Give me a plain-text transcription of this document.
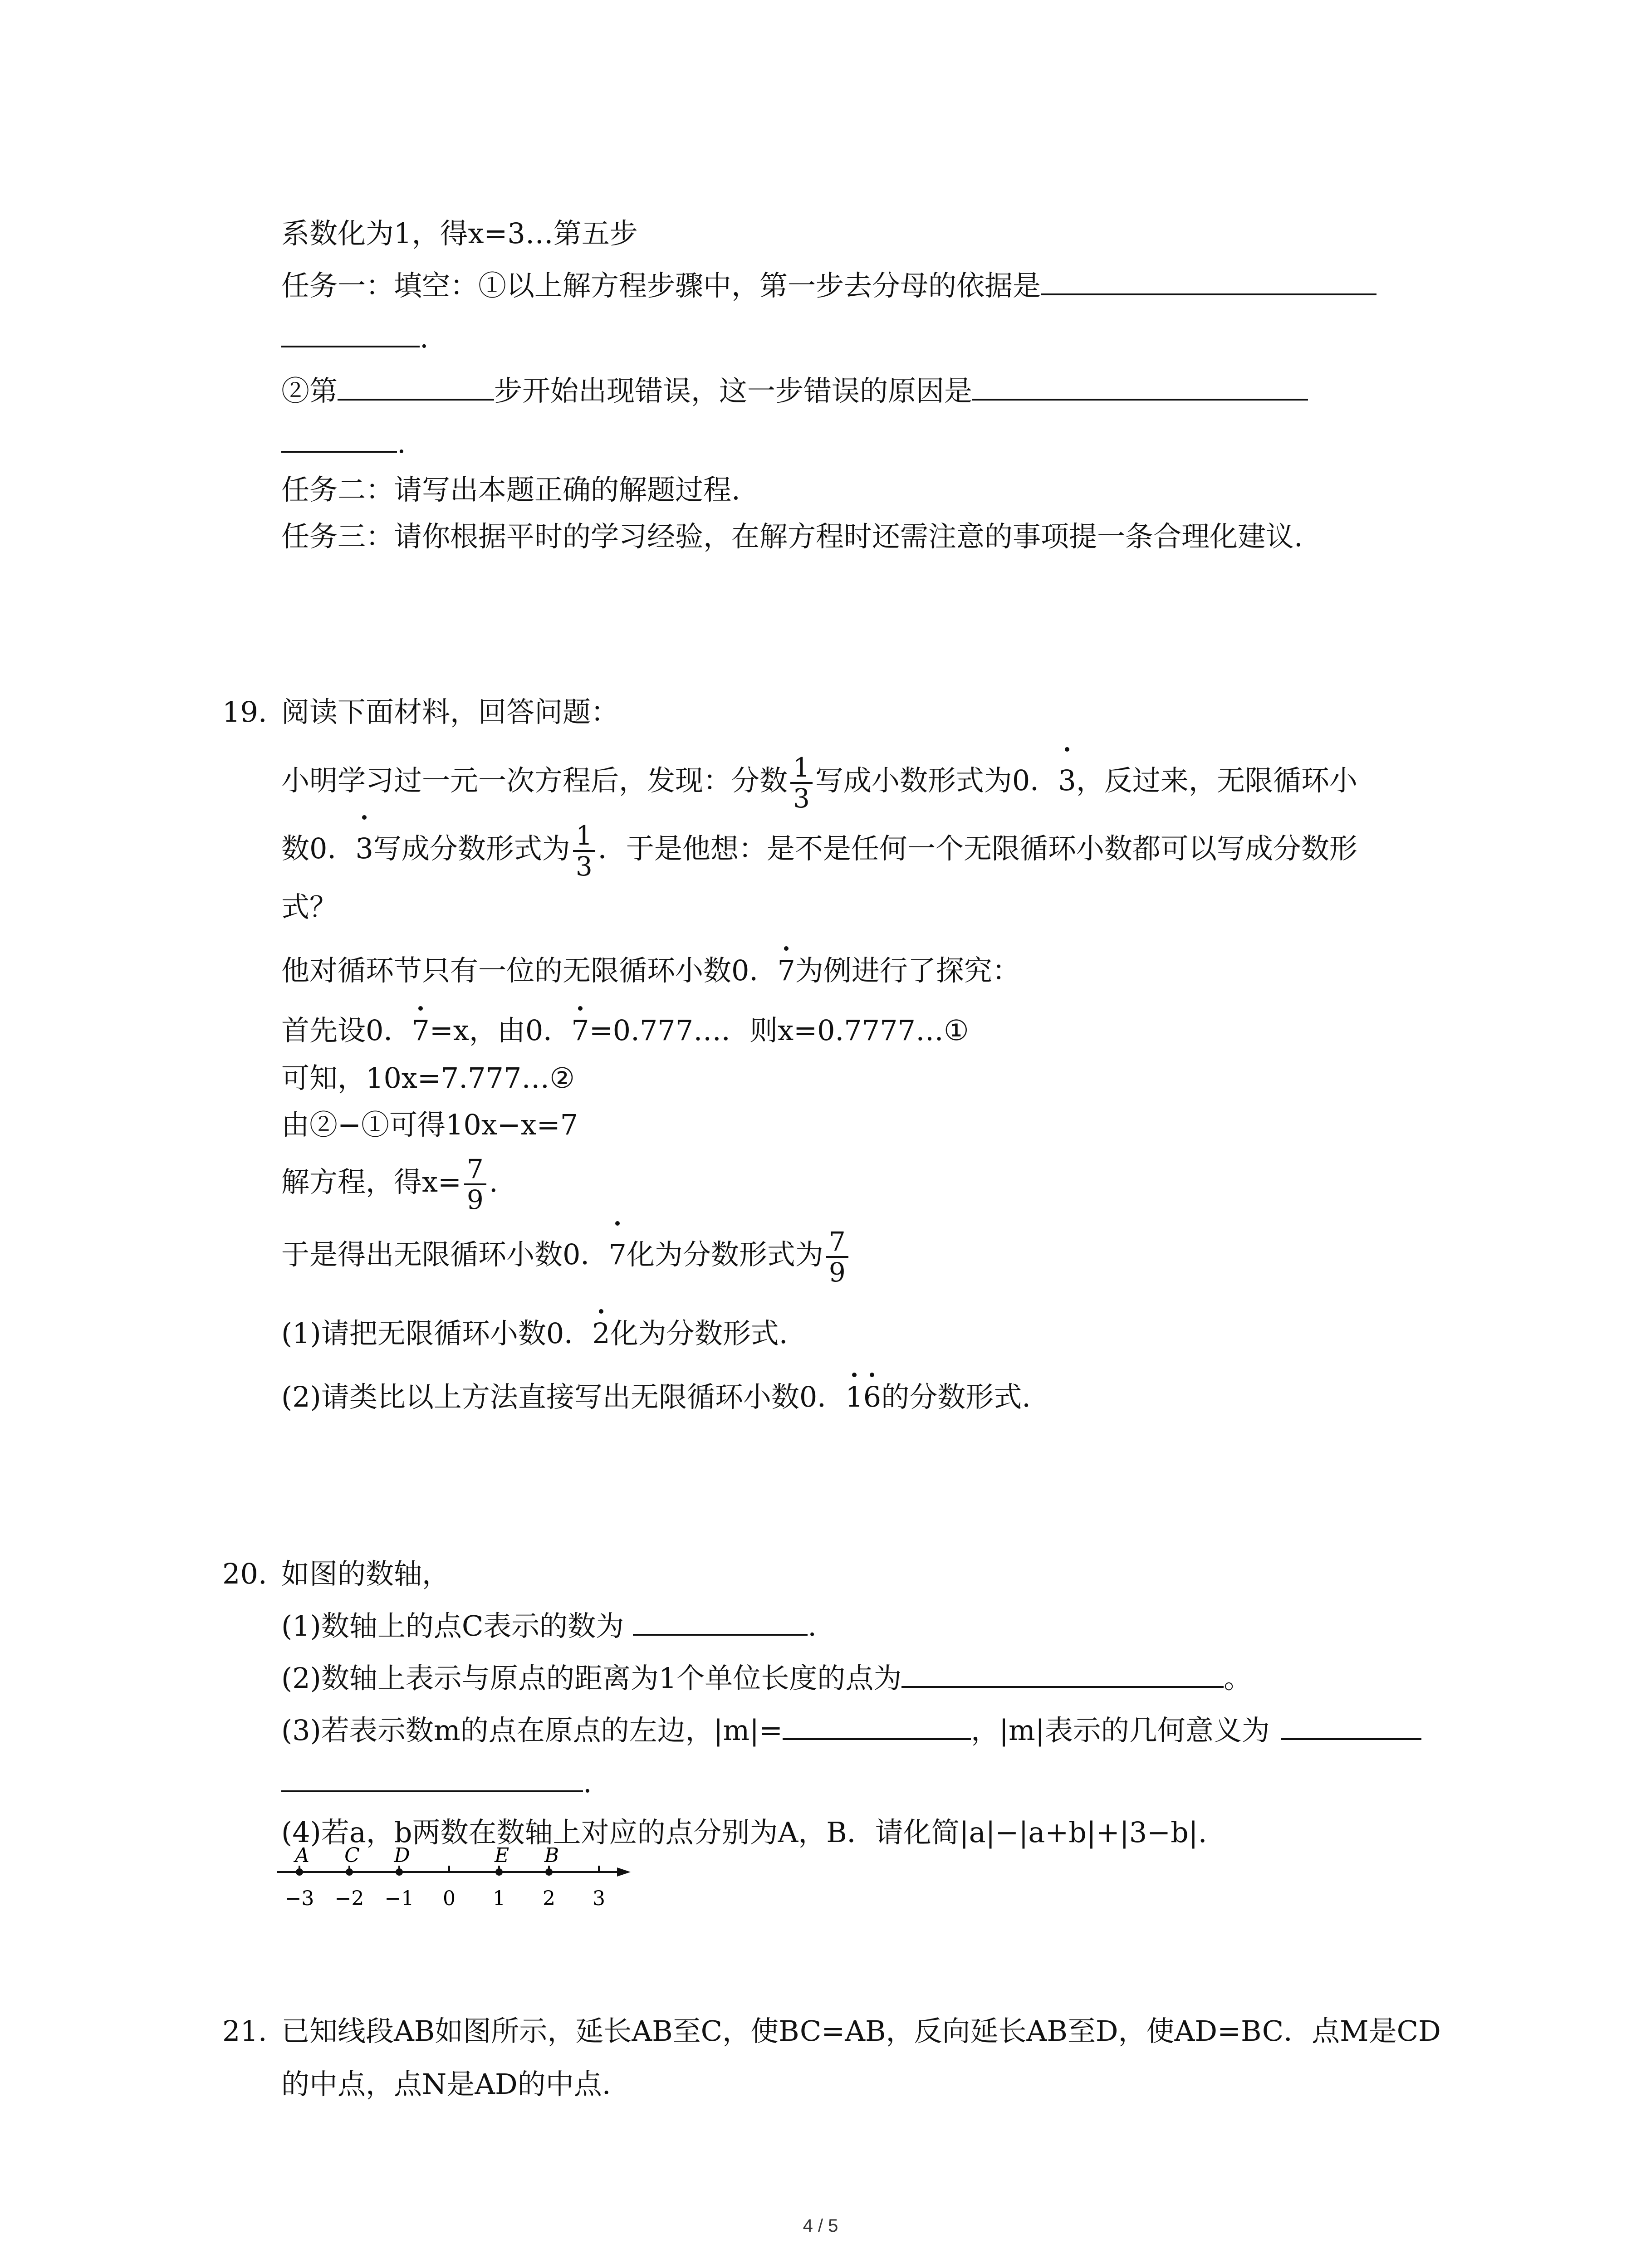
系数化为1，得x=3…第五步
任务一：填空：①以上解方程步骤中，第一步去分母的依据是
.
②第	步开始出现错误，这一步错误的原因是
.
任务二：请写出本题正确的解题过程.
任务三：请你根据平时的学习经验，在解方程时还需注意的事项提一条合理化建议.
19. 阅读下面材料，回答问题：
小明学习过一元一次方程后，发现：分数 $\frac{1}{3}$ 写成小数形式为0．3，反过来，无限循环小
数0．3写成分数形式为 $\frac{1}{3}$ ．于是他想：是不是任何一个无限循环小数都可以写成分数形
式？
他对循环节只有一位的无限循环小数0．7为例进行了探究：
首先设0．7=x，由0．7=0.777…．则x=0.7777…①
可知，10x=7.777…②
由②−①可得10x−x=7
解方程，得$x= \frac{7}{9}$ .
于是得出无限循环小数0．7化为分数形式为 $\frac{7}{9}$
(1)请把无限循环小数0．2化为分数形式.
(2)请类比以上方法直接写出无限循环小数0．16的分数形式.
20. 如图的数轴，
(1)数轴上的点C表示的数为	.
(2)数轴上表示与原点的距离为1个单位长度的点为	。
(3)若表示数m的点在原点的左边，|m|=	，|m|表示的几何意义为
.
(4)若a，b两数在数轴上对应的点分别为A，B．请化简|a|−|a+b|+|3−b|.
−3 −2 −1 0 1 2 3
A C D	E B
21. 已知线段AB如图所示，延长AB至C，使BC=AB，反向延长AB至D，使AD=BC．点M是CD
的中点，点N是AD的中点.
4 / 5
